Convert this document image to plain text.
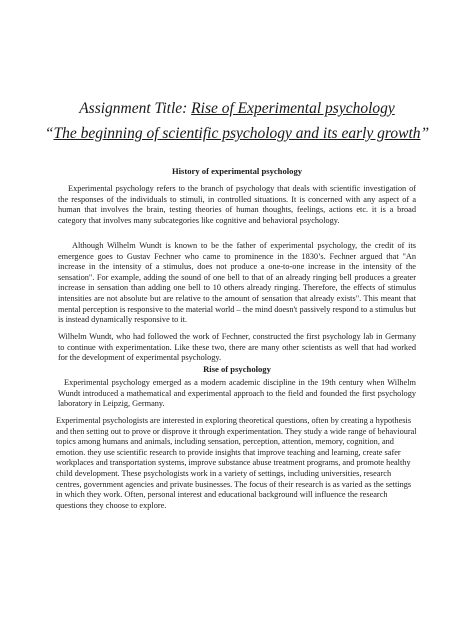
Assignment Title: Rise of Experimental psychology
“The beginning of scientific psychology and its early growth”
History of experimental psychology

Experimental psychology refers to the branch of psychology that deals with scientific investigation of the responses of the individuals to stimuli, in controlled situations. It is concerned with any aspect of a human that involves the brain, testing theories of human thoughts, feelings, actions etc. it is a broad category that involves many subcategories like cognitive and behavioral psychology.

Although Wilhelm Wundt is known to be the father of experimental psychology, the credit of its emergence goes to Gustav Fechner who came to prominence in the 1830’s. Fechner argued that "An increase in the intensity of a stimulus, does not produce a one-to-one increase in the intensity of the sensation". For example, adding the sound of one bell to that of an already ringing bell produces a greater increase in sensation than adding one bell to 10 others already ringing. Therefore, the effects of stimulus intensities are not absolute but are relative to the amount of sensation that already exists". This meant that mental perception is responsive to the material world – the mind doesn't passively respond to a stimulus but is instead dynamically responsive to it.

Wilhelm Wundt, who had followed the work of Fechner, constructed the first psychology lab in Germany to continue with experimentation. Like these two, there are many other scientists as well that had worked for the development of experimental psychology.

Rise of psychology

Experimental psychology emerged as a modern academic discipline in the 19th century when Wilhelm Wundt introduced a mathematical and experimental approach to the field and founded the first psychology laboratory in Leipzig, Germany.

Experimental psychologists are interested in exploring theoretical questions, often by creating a hypothesis and then setting out to prove or disprove it through experimentation. They study a wide range of behavioural topics among humans and animals, including sensation, perception, attention, memory, cognition, and emotion. they use scientific research to provide insights that improve teaching and learning, create safer workplaces and transportation systems, improve substance abuse treatment programs, and promote healthy child development. These psychologists work in a variety of settings, including universities, research centres, government agencies and private businesses. The focus of their research is as varied as the settings in which they work. Often, personal interest and educational background will influence the research questions they choose to explore.
